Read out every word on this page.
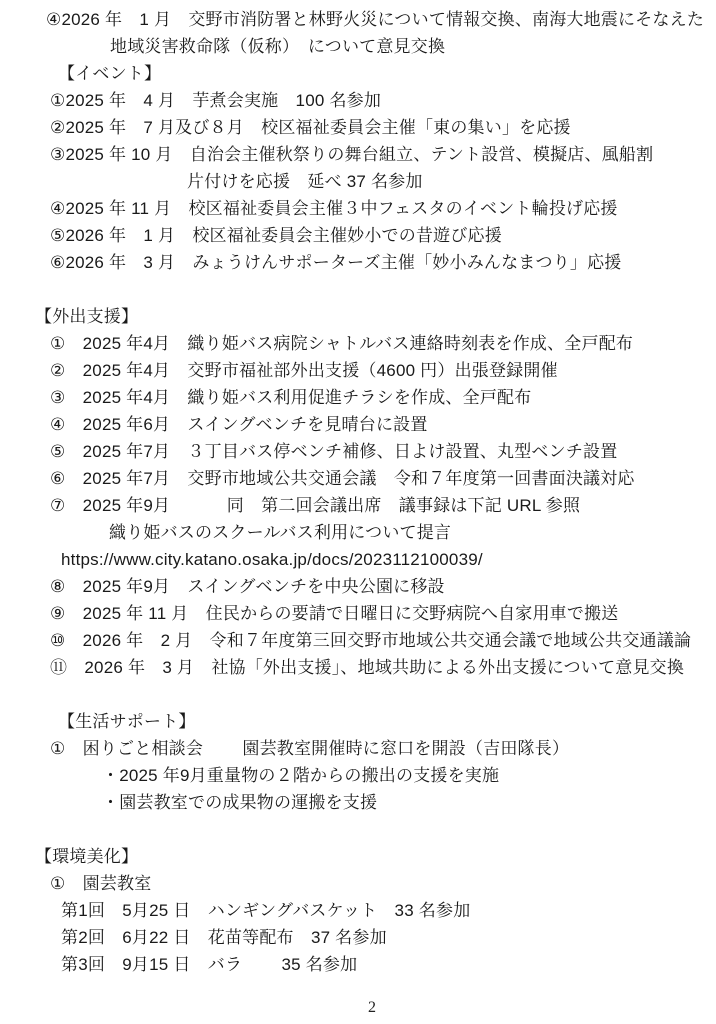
④2026 年　1 月　交野市消防署と林野火災について情報交換、南海大地震にそなえた
地域災害救命隊（仮称）　について意見交換
【イベント】
①2025 年　4 月　芋煮会実施　100 名参加
②2025 年　7 月及び８月　校区福祉委員会主催「東の集い」を応援
③2025 年 10 月　自治会主催秋祭りの舞台組立、テント設営、模擬店、風船割
片付けを応援　延べ 37 名参加
④2025 年 11 月　校区福祉委員会主催３中フェスタのイベント輪投げ応援
⑤2026 年　1 月　校区福祉委員会主催妙小での昔遊び応援
⑥2026 年　3 月　みょうけんサポーターズ主催「妙小みんなまつり」応援
【外出支援】
①　2025 年4月　織り姫バス病院シャトルバス連絡時刻表を作成、全戸配布
②　2025 年4月　交野市福祉部外出支援（4600 円）出張登録開催
③　2025 年4月　織り姫バス利用促進チラシを作成、全戸配布
④　2025 年6月　スイングベンチを見晴台に設置
⑤　2025 年7月　３丁目バス停ベンチ補修、日よけ設置、丸型ベンチ設置
⑥　2025 年7月　交野市地域公共交通会議　令和７年度第一回書面決議対応
⑦　2025 年9月　　　 同　第二回会議出席　議事録は下記 URL 参照
織り姫バスのスクールバス利用について提言
https://www.city.katano.osaka.jp/docs/2023112100039/
⑧　2025 年9月　スイングベンチを中央公園に移設
⑨　2025 年 11 月　住民からの要請で日曜日に交野病院へ自家用車で搬送
⑩　2026 年　2 月　令和７年度第三回交野市地域公共交通会議で地域公共交通議論
⑪　2026 年　3 月　社協「外出支援」、地域共助による外出支援について意見交換
【生活サポート】
①　困りごと相談会　　 園芸教室開催時に窓口を開設（吉田隊長）
・2025 年9月重量物の２階からの搬出の支援を実施
・園芸教室での成果物の運搬を支援
【環境美化】
①　園芸教室
第1回　5月25 日　ハンギングバスケット　33 名参加
第2回　6月22 日　花苗等配布　37 名参加
第3回　9月15 日　バラ　　 35 名参加
2
